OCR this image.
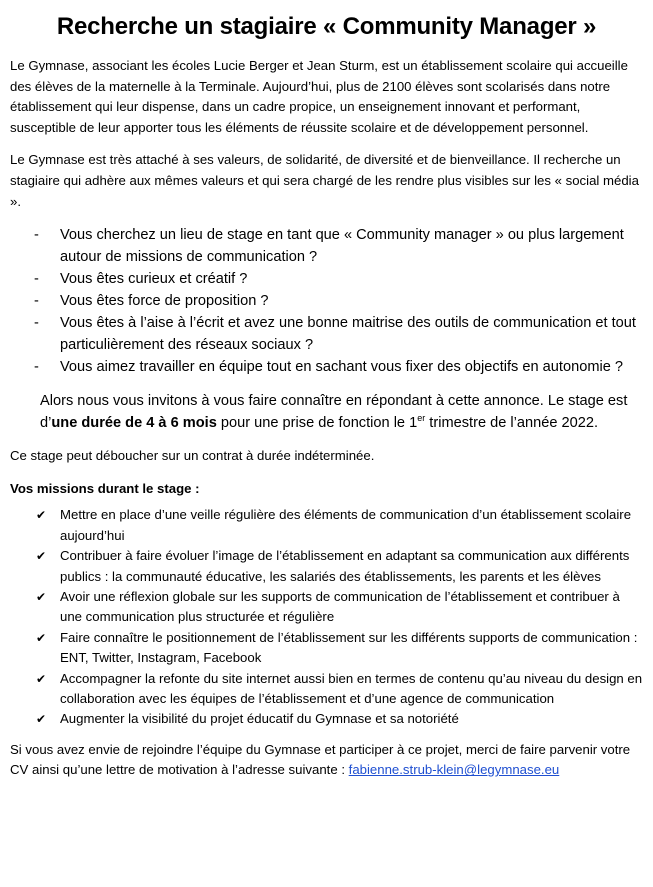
Recherche un stagiaire « Community Manager »

Le Gymnase, associant les écoles Lucie Berger et Jean Sturm, est un établissement scolaire qui accueille des élèves de la maternelle à la Terminale. Aujourd’hui, plus de 2100 élèves sont scolarisés dans notre établissement qui leur dispense, dans un cadre propice, un enseignement innovant et performant, susceptible de leur apporter tous les éléments de réussite scolaire et de développement personnel.

Le Gymnase est très attaché à ses valeurs, de solidarité, de diversité et de bienveillance. Il recherche un stagiaire qui adhère aux mêmes valeurs et qui sera chargé de les rendre plus visibles sur les « social média ».

- Vous cherchez un lieu de stage en tant que « Community manager » ou plus largement autour de missions de communication ?
- Vous êtes curieux et créatif ?
- Vous êtes force de proposition ?
- Vous êtes à l’aise à l’écrit et avez une bonne maitrise des outils de communication et tout particulièrement des réseaux sociaux ?
- Vous aimez travailler en équipe tout en sachant vous fixer des objectifs en autonomie ?

Alors nous vous invitons à vous faire connaître en répondant à cette annonce. Le stage est d’une durée de 4 à 6 mois pour une prise de fonction le 1er trimestre de l’année 2022.

Ce stage peut déboucher sur un contrat à durée indéterminée.

Vos missions durant le stage :

✔ Mettre en place d’une veille régulière des éléments de communication d’un établissement scolaire aujourd’hui
✔ Contribuer à faire évoluer l’image de l’établissement en adaptant sa communication aux différents publics : la communauté éducative, les salariés des établissements, les parents et les élèves
✔ Avoir une réflexion globale sur les supports de communication de l’établissement et contribuer à une communication plus structurée et régulière
✔ Faire connaître le positionnement de l’établissement sur les différents supports de communication : ENT, Twitter, Instagram, Facebook
✔ Accompagner la refonte du site internet aussi bien en termes de contenu qu’au niveau du design en collaboration avec les équipes de l’établissement et d’une agence de communication
✔ Augmenter la visibilité du projet éducatif du Gymnase et sa notoriété

Si vous avez envie de rejoindre l’équipe du Gymnase et participer à ce projet, merci de faire parvenir votre CV ainsi qu’une lettre de motivation à l’adresse suivante : fabienne.strub-klein@legymnase.eu
